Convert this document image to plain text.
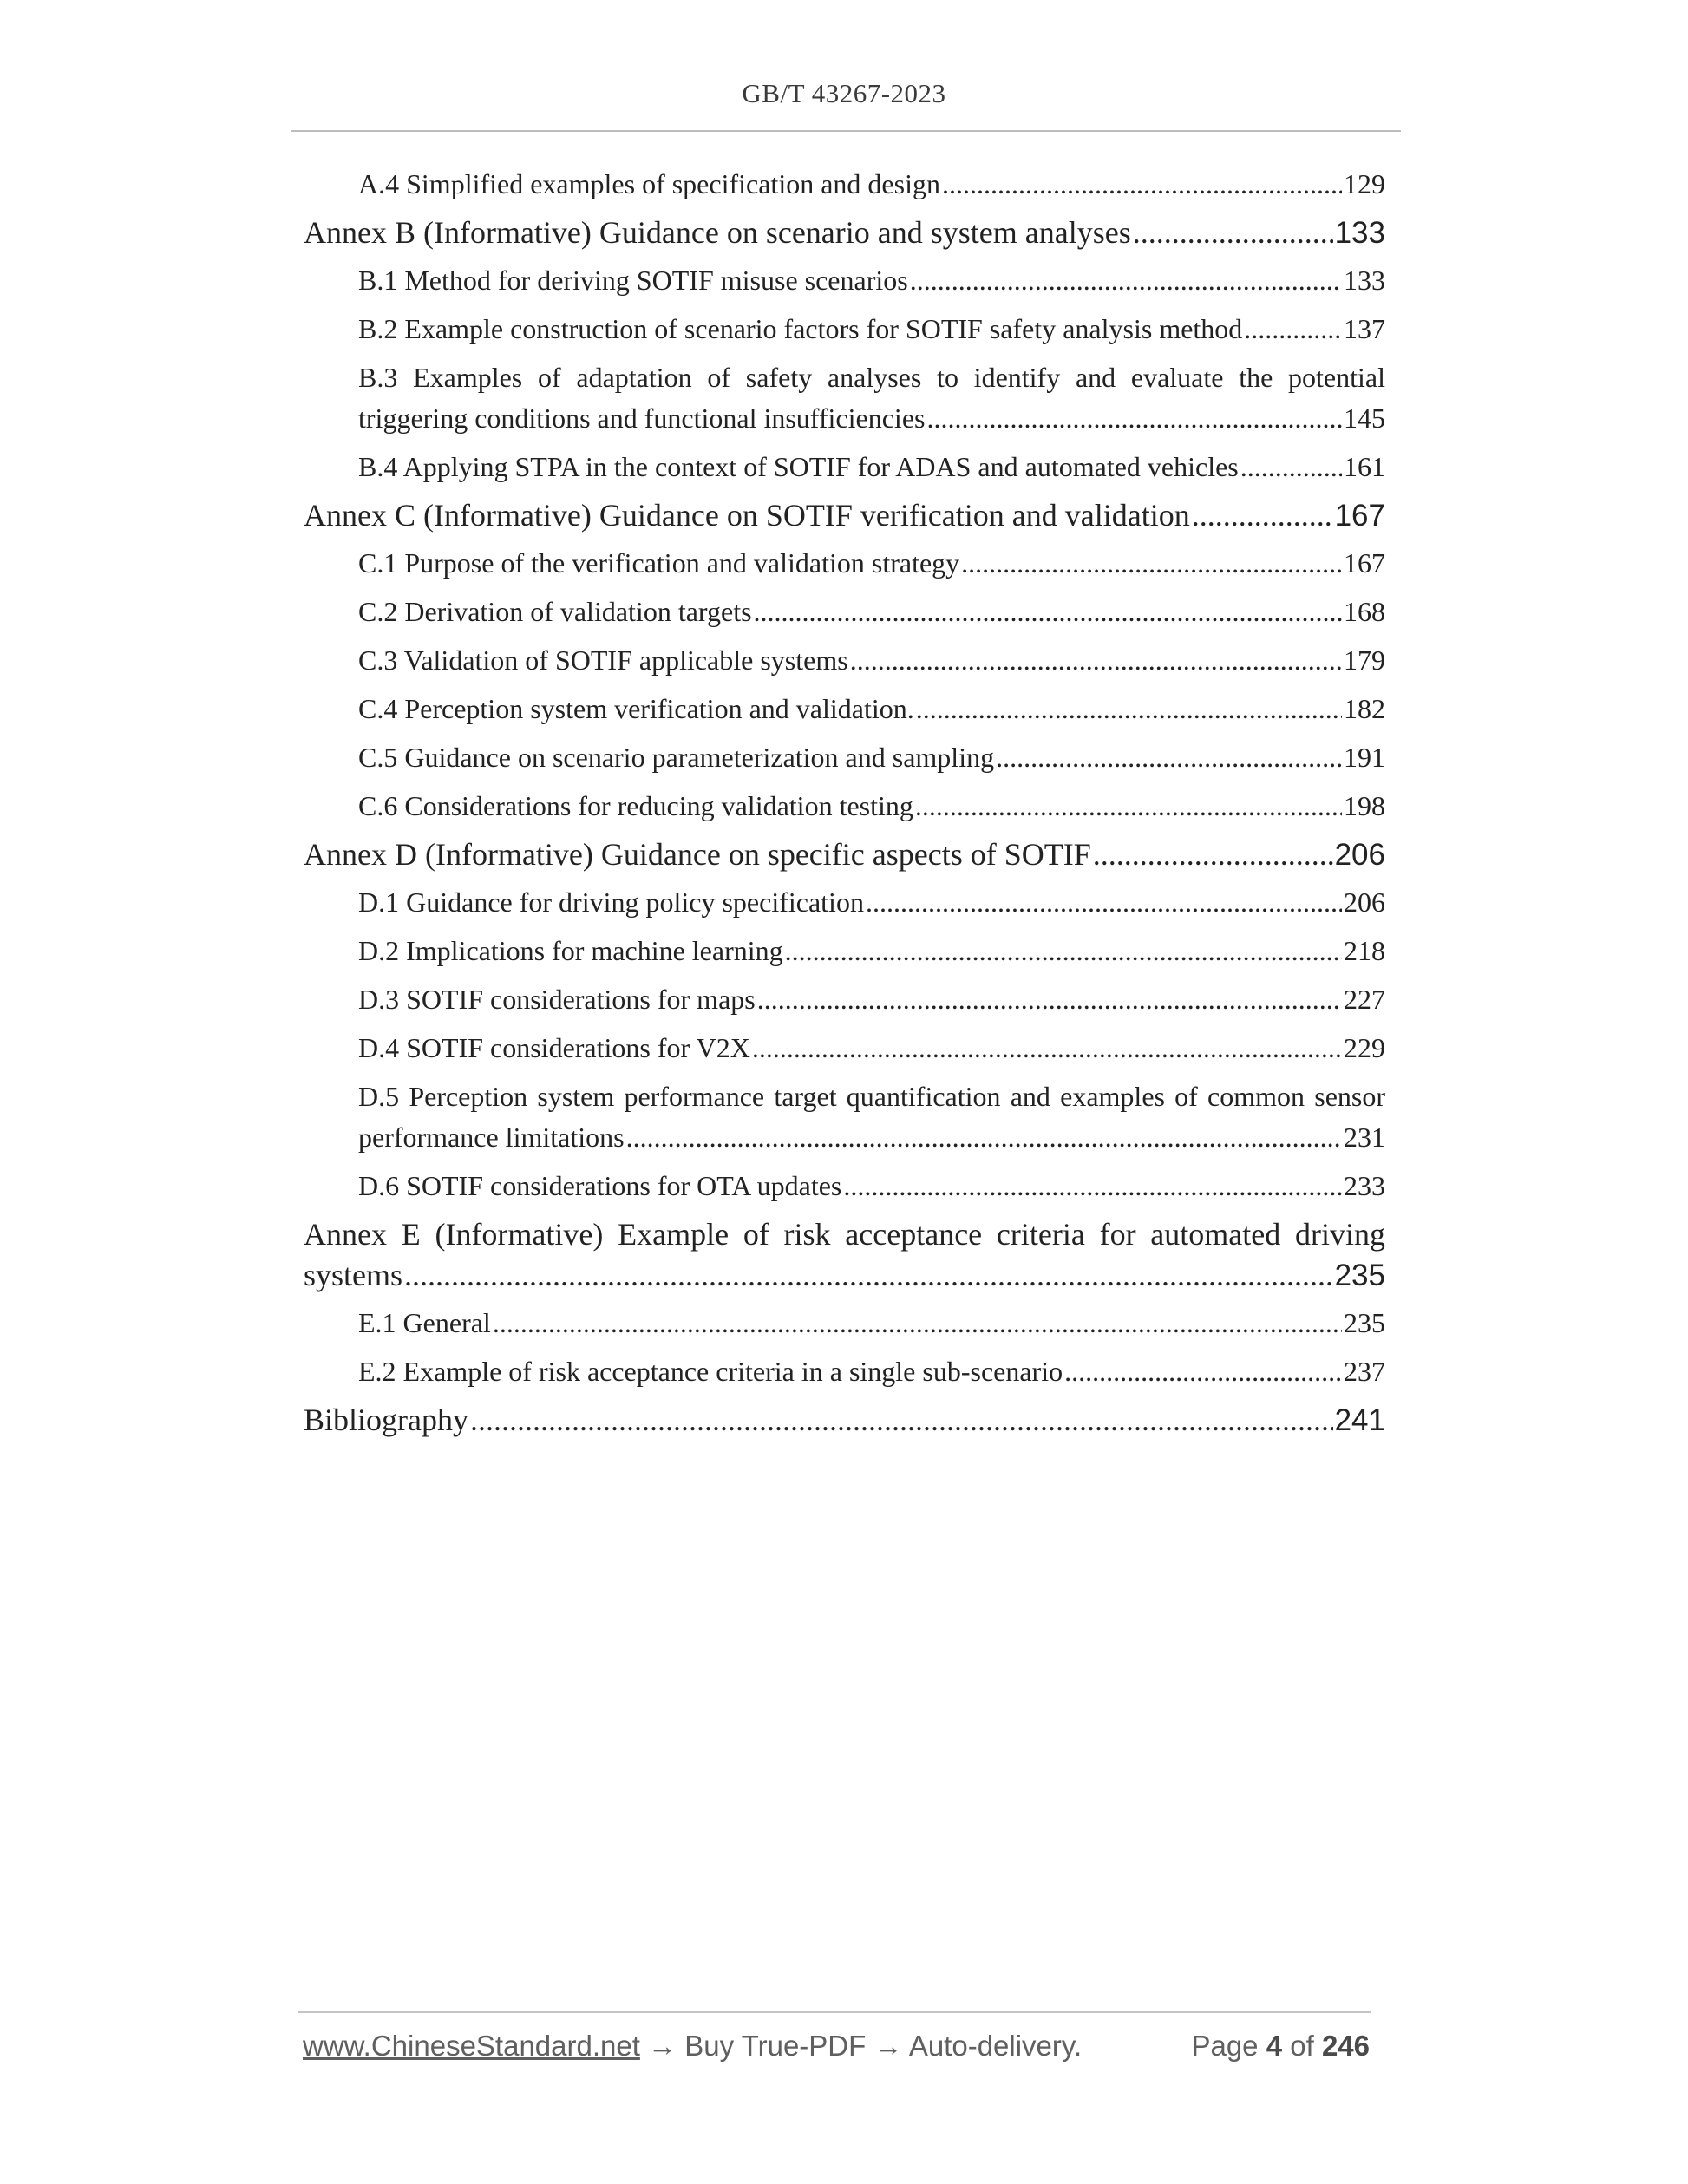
GB/T 43267-2023
A.4 Simplified examples of specification and design .....	129
Annex B (Informative) Guidance on scenario and system analyses .....	133
B.1 Method for deriving SOTIF misuse scenarios .....	133
B.2 Example construction of scenario factors for SOTIF safety analysis method .....	137
B.3 Examples of adaptation of safety analyses to identify and evaluate the potential
triggering conditions and functional insufficiencies .....	145
B.4 Applying STPA in the context of SOTIF for ADAS and automated vehicles .....	161
Annex C (Informative) Guidance on SOTIF verification and validation .....	167
C.1 Purpose of the verification and validation strategy .....	167
C.2 Derivation of validation targets .....	168
C.3 Validation of SOTIF applicable systems .....	179
C.4 Perception system verification and validation. .....	182
C.5 Guidance on scenario parameterization and sampling .....	191
C.6 Considerations for reducing validation testing .....	198
Annex D (Informative) Guidance on specific aspects of SOTIF .....	206
D.1 Guidance for driving policy specification .....	206
D.2 Implications for machine learning .....	218
D.3 SOTIF considerations for maps .....	227
D.4 SOTIF considerations for V2X .....	229
D.5 Perception system performance target quantification and examples of common sensor
performance limitations .....	231
D.6 SOTIF considerations for OTA updates .....	233
Annex E (Informative) Example of risk acceptance criteria for automated driving
systems .....	235
E.1 General .....	235
E.2 Example of risk acceptance criteria in a single sub-scenario .....	237
Bibliography .....	241
www.ChineseStandard.net → Buy True-PDF → Auto-delivery.	Page 4 of 246
